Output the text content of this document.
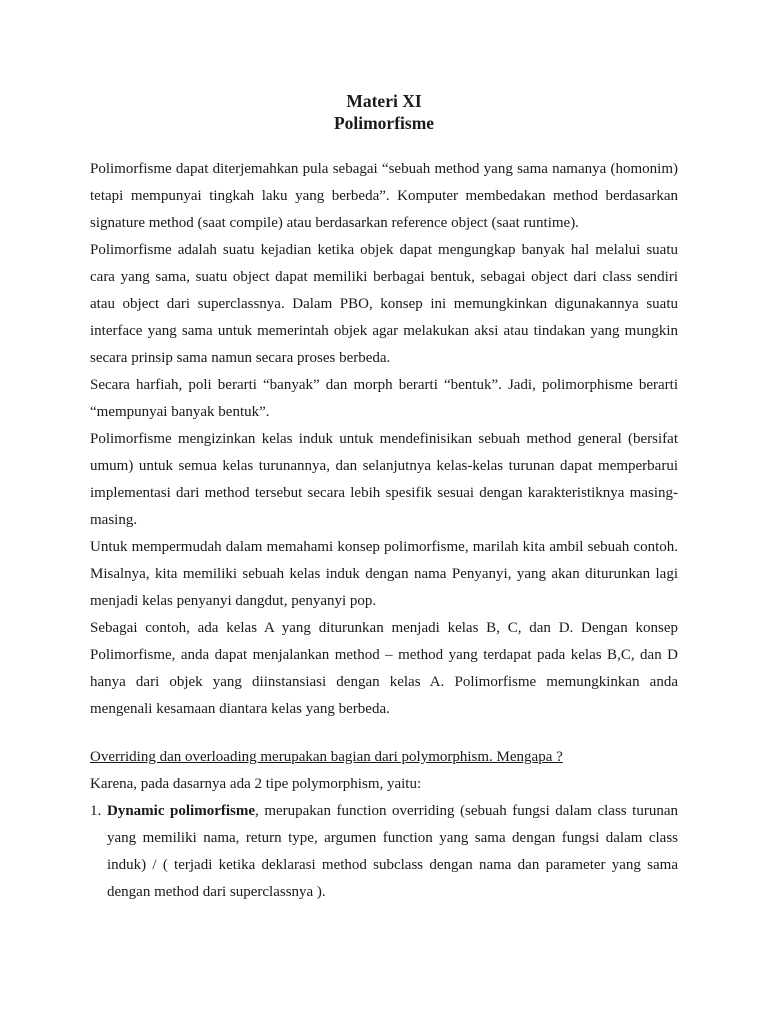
Materi XI
Polimorfisme

Polimorfisme dapat diterjemahkan pula sebagai “sebuah method yang sama namanya (homonim) tetapi mempunyai tingkah laku yang berbeda”. Komputer membedakan method berdasarkan signature method (saat compile) atau berdasarkan reference object (saat runtime).

Polimorfisme adalah suatu kejadian ketika objek dapat mengungkap banyak hal melalui suatu cara yang sama, suatu object dapat memiliki berbagai bentuk, sebagai object dari class sendiri atau object dari superclassnya. Dalam PBO, konsep ini memungkinkan digunakannya suatu interface yang sama untuk memerintah objek agar melakukan aksi atau tindakan yang mungkin secara prinsip sama namun secara proses berbeda.

Secara harfiah, poli berarti “banyak” dan morph berarti “bentuk”. Jadi, polimorphisme berarti “mempunyai banyak bentuk”.

Polimorfisme mengizinkan kelas induk untuk mendefinisikan sebuah method general (bersifat umum) untuk semua kelas turunannya, dan selanjutnya kelas-kelas turunan dapat memperbarui implementasi dari method tersebut secara lebih spesifik sesuai dengan karakteristiknya masing-masing.

Untuk mempermudah dalam memahami konsep polimorfisme, marilah kita ambil sebuah contoh. Misalnya, kita memiliki sebuah kelas induk dengan nama Penyanyi, yang akan diturunkan lagi menjadi kelas penyanyi dangdut, penyanyi pop.

Sebagai contoh, ada kelas A yang diturunkan menjadi kelas B, C, dan D. Dengan konsep Polimorfisme, anda dapat menjalankan method – method yang terdapat pada kelas B,C, dan D hanya dari objek yang diinstansiasi dengan kelas A. Polimorfisme memungkinkan anda mengenali kesamaan diantara kelas yang berbeda.

Overriding dan overloading merupakan bagian dari polymorphism. Mengapa ?

Karena, pada dasarnya ada 2 tipe polymorphism, yaitu:

1. Dynamic polimorfisme, merupakan function overriding (sebuah fungsi dalam class turunan yang memiliki nama, return type, argumen function yang sama dengan fungsi dalam class induk) / ( terjadi ketika deklarasi method subclass dengan nama dan parameter yang sama dengan method dari superclassnya ).
